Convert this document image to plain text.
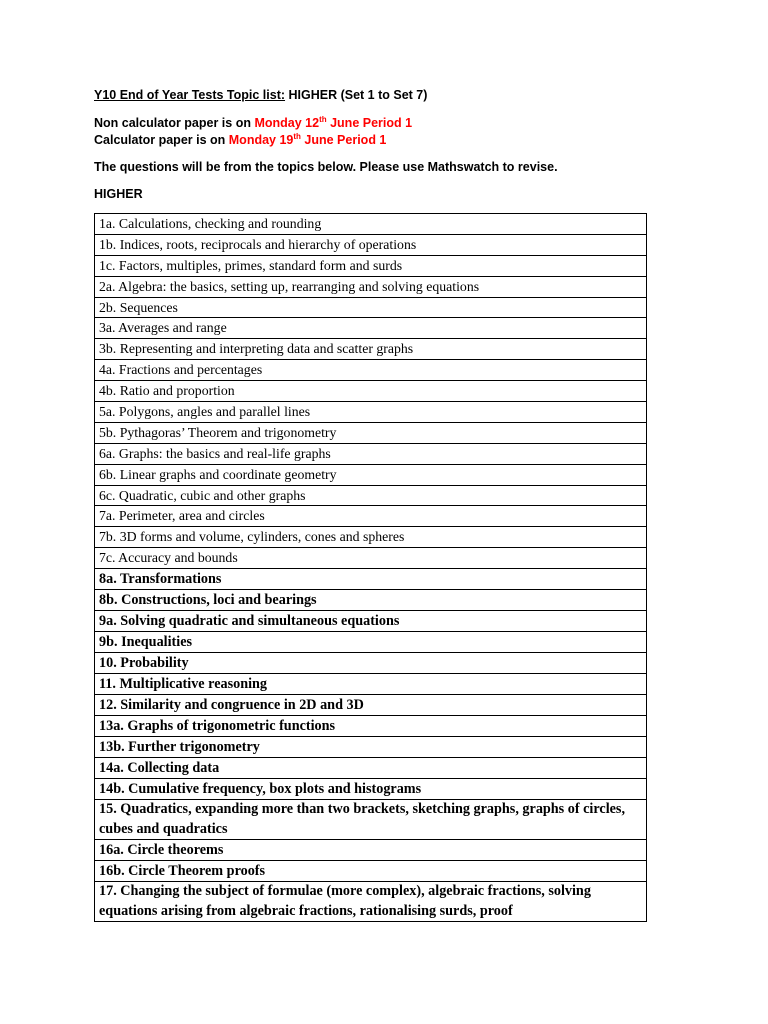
Y10 End of Year Tests Topic list: HIGHER (Set 1 to Set 7)
Non calculator paper is on Monday 12th June Period 1
Calculator paper is on Monday 19th June Period 1
The questions will be from the topics below. Please use Mathswatch to revise.
HIGHER
1a. Calculations, checking and rounding
1b. Indices, roots, reciprocals and hierarchy of operations
1c. Factors, multiples, primes, standard form and surds
2a. Algebra: the basics, setting up, rearranging and solving equations
2b. Sequences
3a. Averages and range
3b. Representing and interpreting data and scatter graphs
4a. Fractions and percentages
4b. Ratio and proportion
5a. Polygons, angles and parallel lines
5b. Pythagoras’ Theorem and trigonometry
6a. Graphs: the basics and real-life graphs
6b. Linear graphs and coordinate geometry
6c. Quadratic, cubic and other graphs
7a. Perimeter, area and circles
7b. 3D forms and volume, cylinders, cones and spheres
7c. Accuracy and bounds
8a. Transformations
8b. Constructions, loci and bearings
9a. Solving quadratic and simultaneous equations
9b. Inequalities
10. Probability
11. Multiplicative reasoning
12. Similarity and congruence in 2D and 3D
13a. Graphs of trigonometric functions
13b. Further trigonometry
14a. Collecting data
14b. Cumulative frequency, box plots and histograms
15. Quadratics, expanding more than two brackets, sketching graphs, graphs of circles, cubes and quadratics
16a. Circle theorems
16b. Circle Theorem proofs
17. Changing the subject of formulae (more complex), algebraic fractions, solving equations arising from algebraic fractions, rationalising surds, proof
